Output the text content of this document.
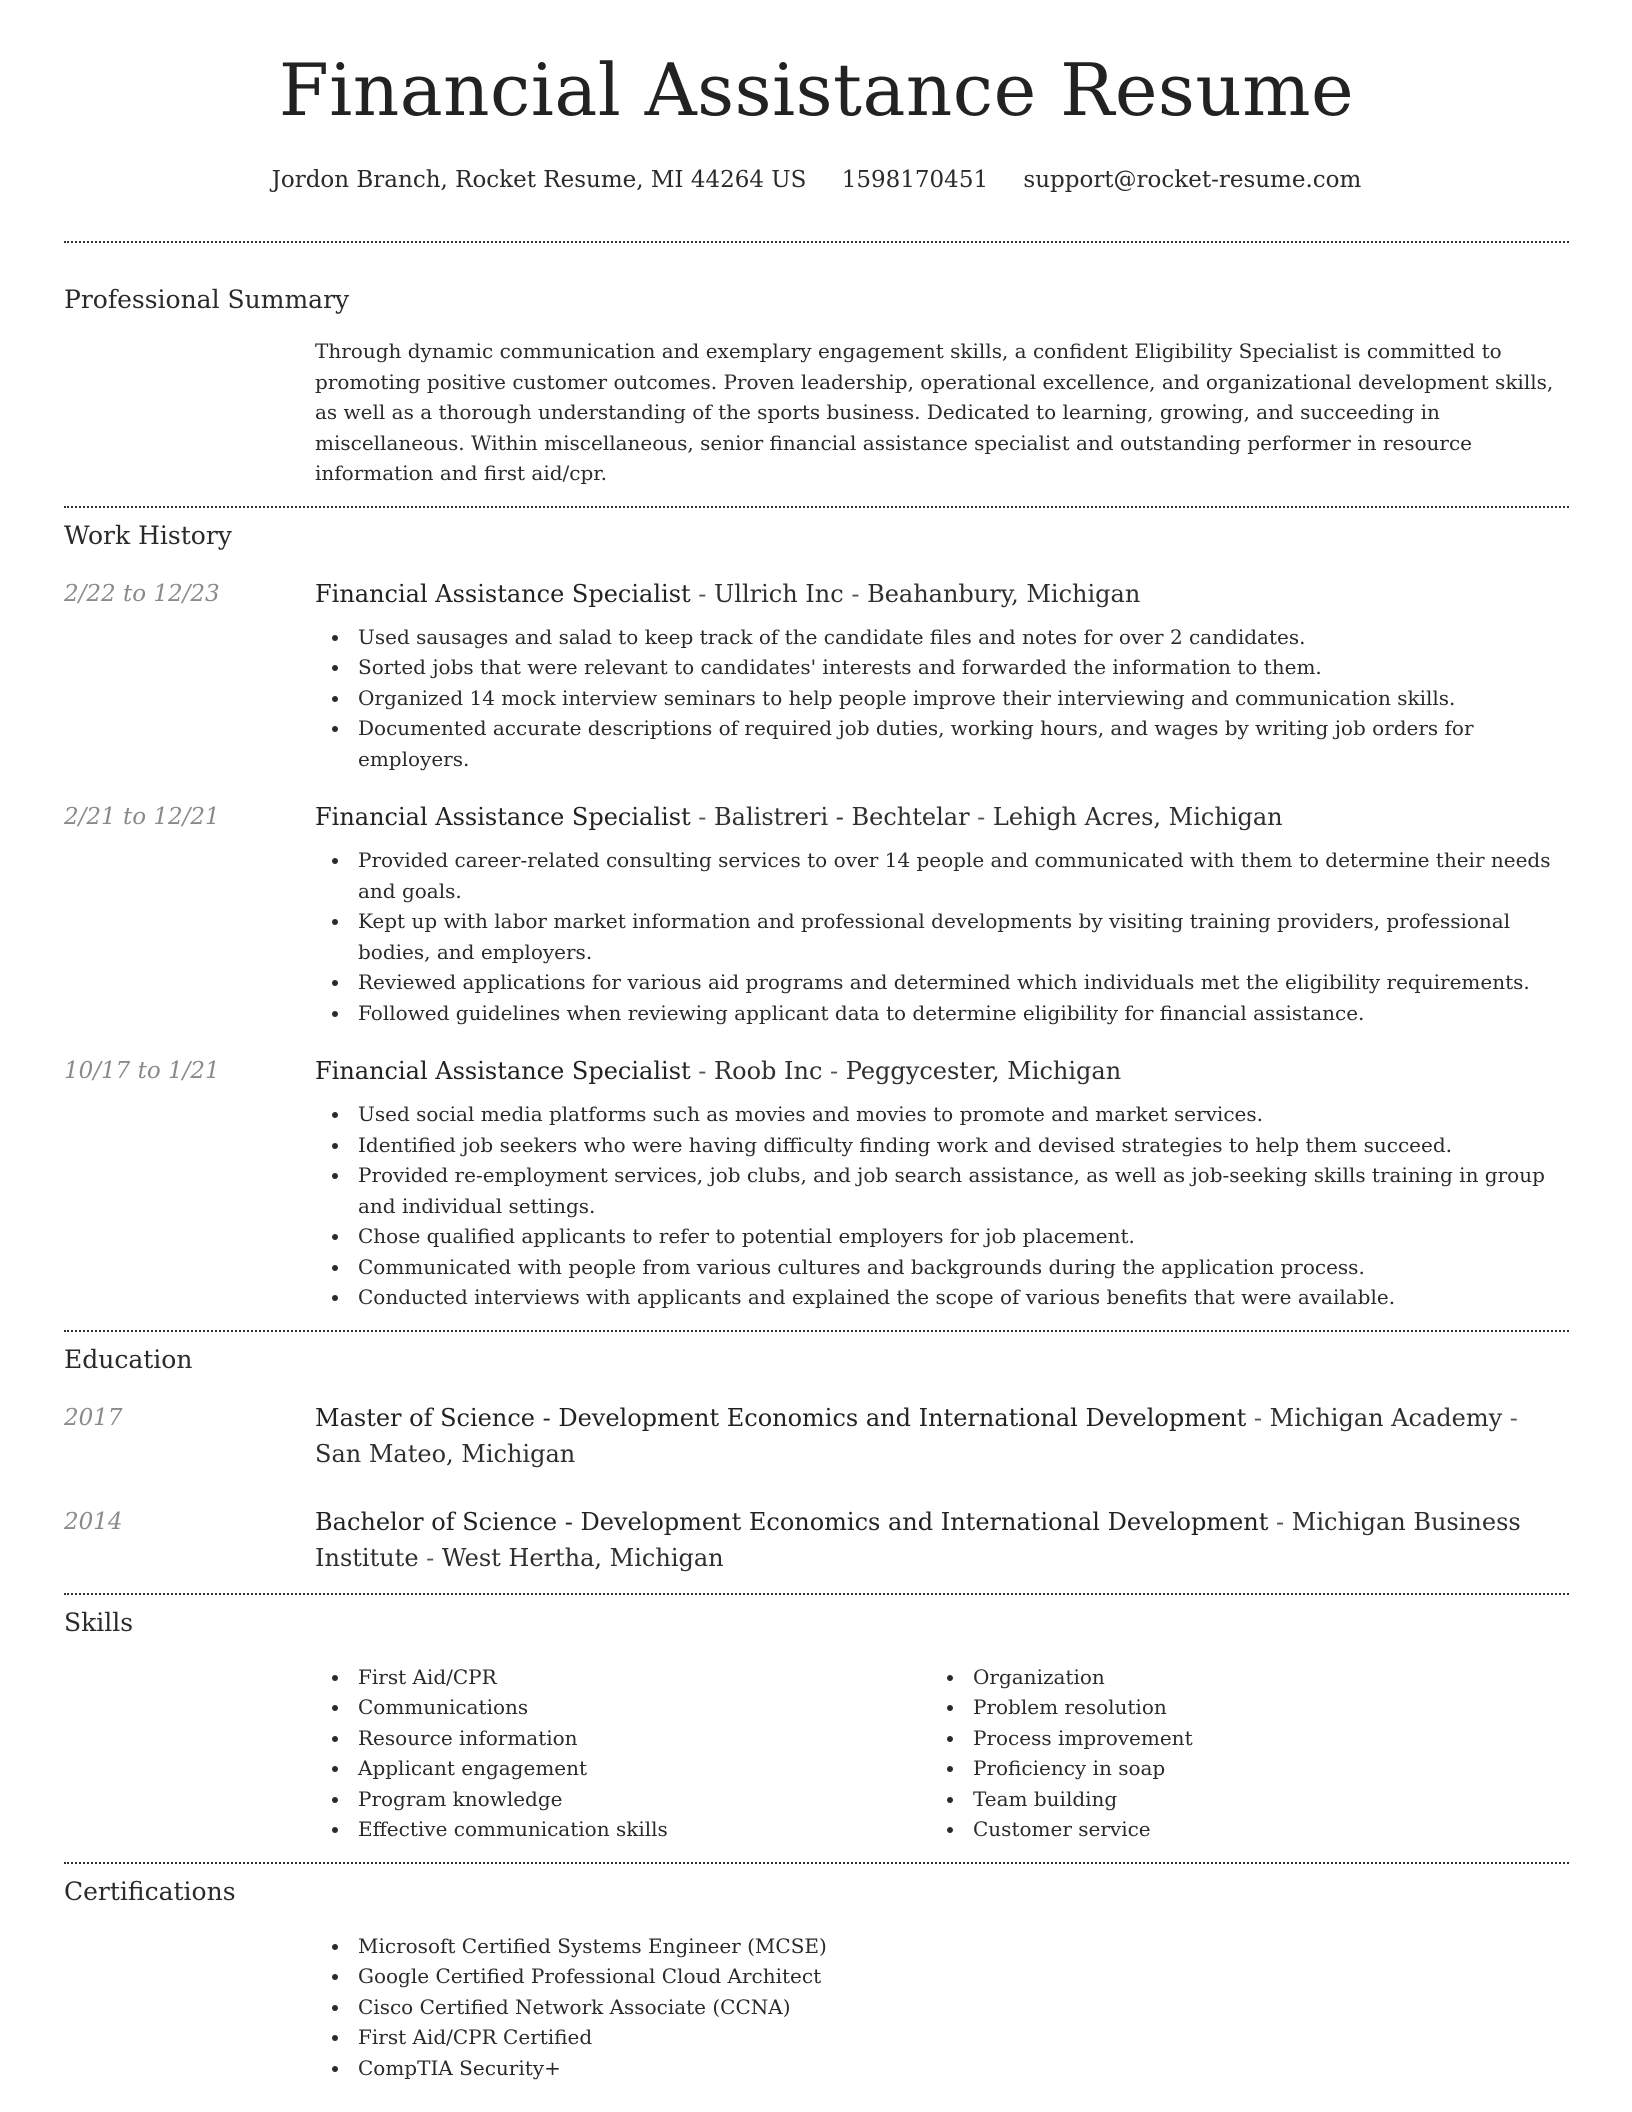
Financial Assistance Resume
Jordon Branch, Rocket Resume, MI 44264 US 1598170451 support@rocket-resume.com
Professional Summary

Through dynamic communication and exemplary engagement skills, a confident Eligibility Specialist is committed to promoting positive customer outcomes. Proven leadership, operational excellence, and organizational development skills, as well as a thorough understanding of the sports business. Dedicated to learning, growing, and succeeding in miscellaneous. Within miscellaneous, senior financial assistance specialist and outstanding performer in resource information and first aid/cpr.

Work History
2/22 to 12/23	Financial Assistance Specialist - Ullrich Inc - Beahanbury, Michigan
Used sausages and salad to keep track of the candidate files and notes for over 2 candidates.
Sorted jobs that were relevant to candidates' interests and forwarded the information to them.
Organized 14 mock interview seminars to help people improve their interviewing and communication skills.
Documented accurate descriptions of required job duties, working hours, and wages by writing job orders for employers.
2/21 to 12/21	Financial Assistance Specialist - Balistreri - Bechtelar - Lehigh Acres, Michigan
Provided career-related consulting services to over 14 people and communicated with them to determine their needs and goals.
Kept up with labor market information and professional developments by visiting training providers, professional bodies, and employers.
Reviewed applications for various aid programs and determined which individuals met the eligibility requirements.
Followed guidelines when reviewing applicant data to determine eligibility for financial assistance.
10/17 to 1/21	Financial Assistance Specialist - Roob Inc - Peggycester, Michigan
Used social media platforms such as movies and movies to promote and market services.
Identified job seekers who were having difficulty finding work and devised strategies to help them succeed.
Provided re-employment services, job clubs, and job search assistance, as well as job-seeking skills training in group and individual settings.
Chose qualified applicants to refer to potential employers for job placement.
Communicated with people from various cultures and backgrounds during the application process.
Conducted interviews with applicants and explained the scope of various benefits that were available.
Education
2017	Master of Science - Development Economics and International Development - Michigan Academy - San Mateo, Michigan
2014	Bachelor of Science - Development Economics and International Development - Michigan Business Institute - West Hertha, Michigan
Skills
First Aid/CPR
Communications
Resource information
Applicant engagement
Program knowledge
Effective communication skills
Organization
Problem resolution
Process improvement
Proficiency in soap
Team building
Customer service
Certifications
Microsoft Certified Systems Engineer (MCSE)
Google Certified Professional Cloud Architect
Cisco Certified Network Associate (CCNA)
First Aid/CPR Certified
CompTIA Security+
